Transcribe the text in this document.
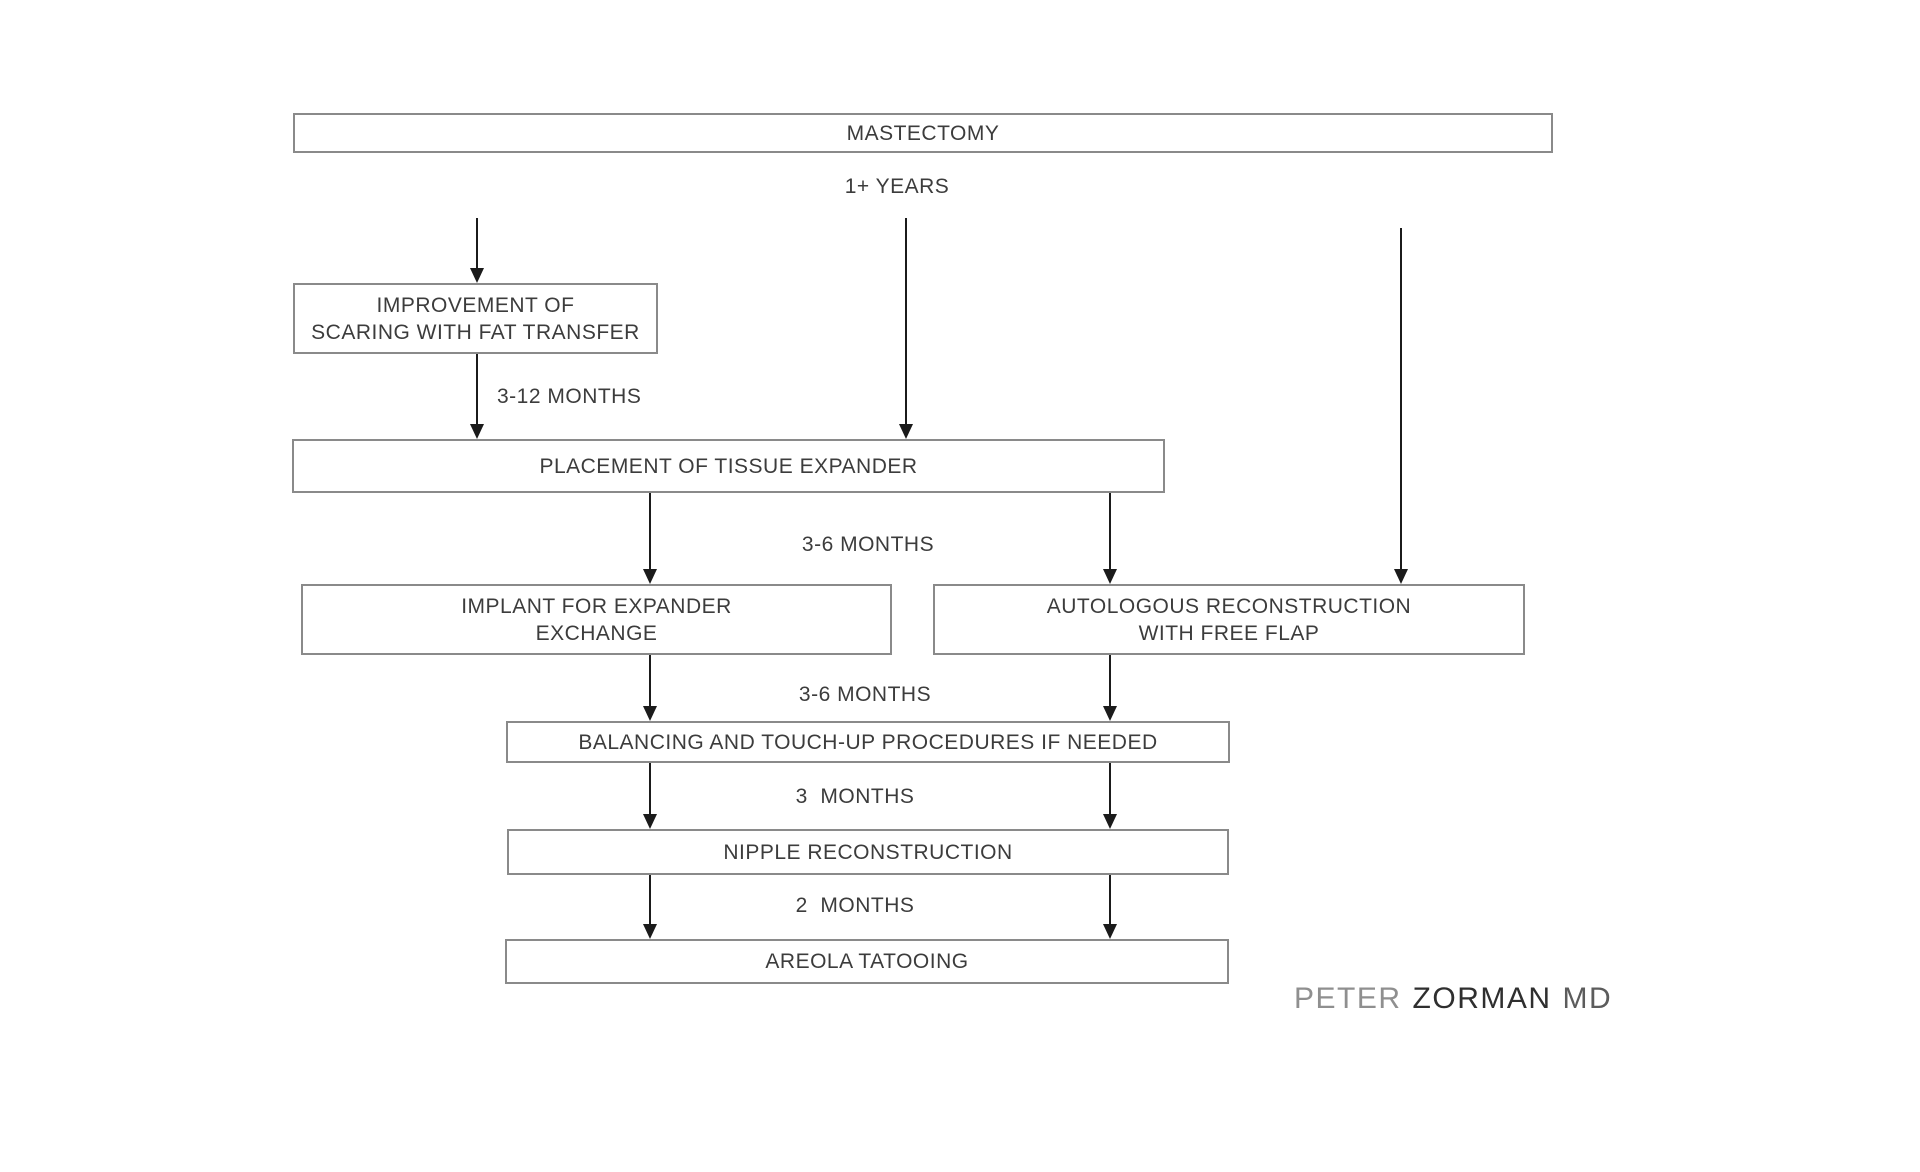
MASTECTOMY
IMPROVEMENT OF
SCARING WITH FAT TRANSFER
PLACEMENT OF TISSUE EXPANDER
IMPLANT FOR EXPANDER
EXCHANGE
AUTOLOGOUS RECONSTRUCTION
WITH FREE FLAP
BALANCING AND TOUCH-UP PROCEDURES IF NEEDED
NIPPLE RECONSTRUCTION
AREOLA TATOOING
1+ YEARS
3-12 MONTHS
3-6 MONTHS
3-6 MONTHS
3  MONTHS
2  MONTHS
PETER ZORMAN MD
